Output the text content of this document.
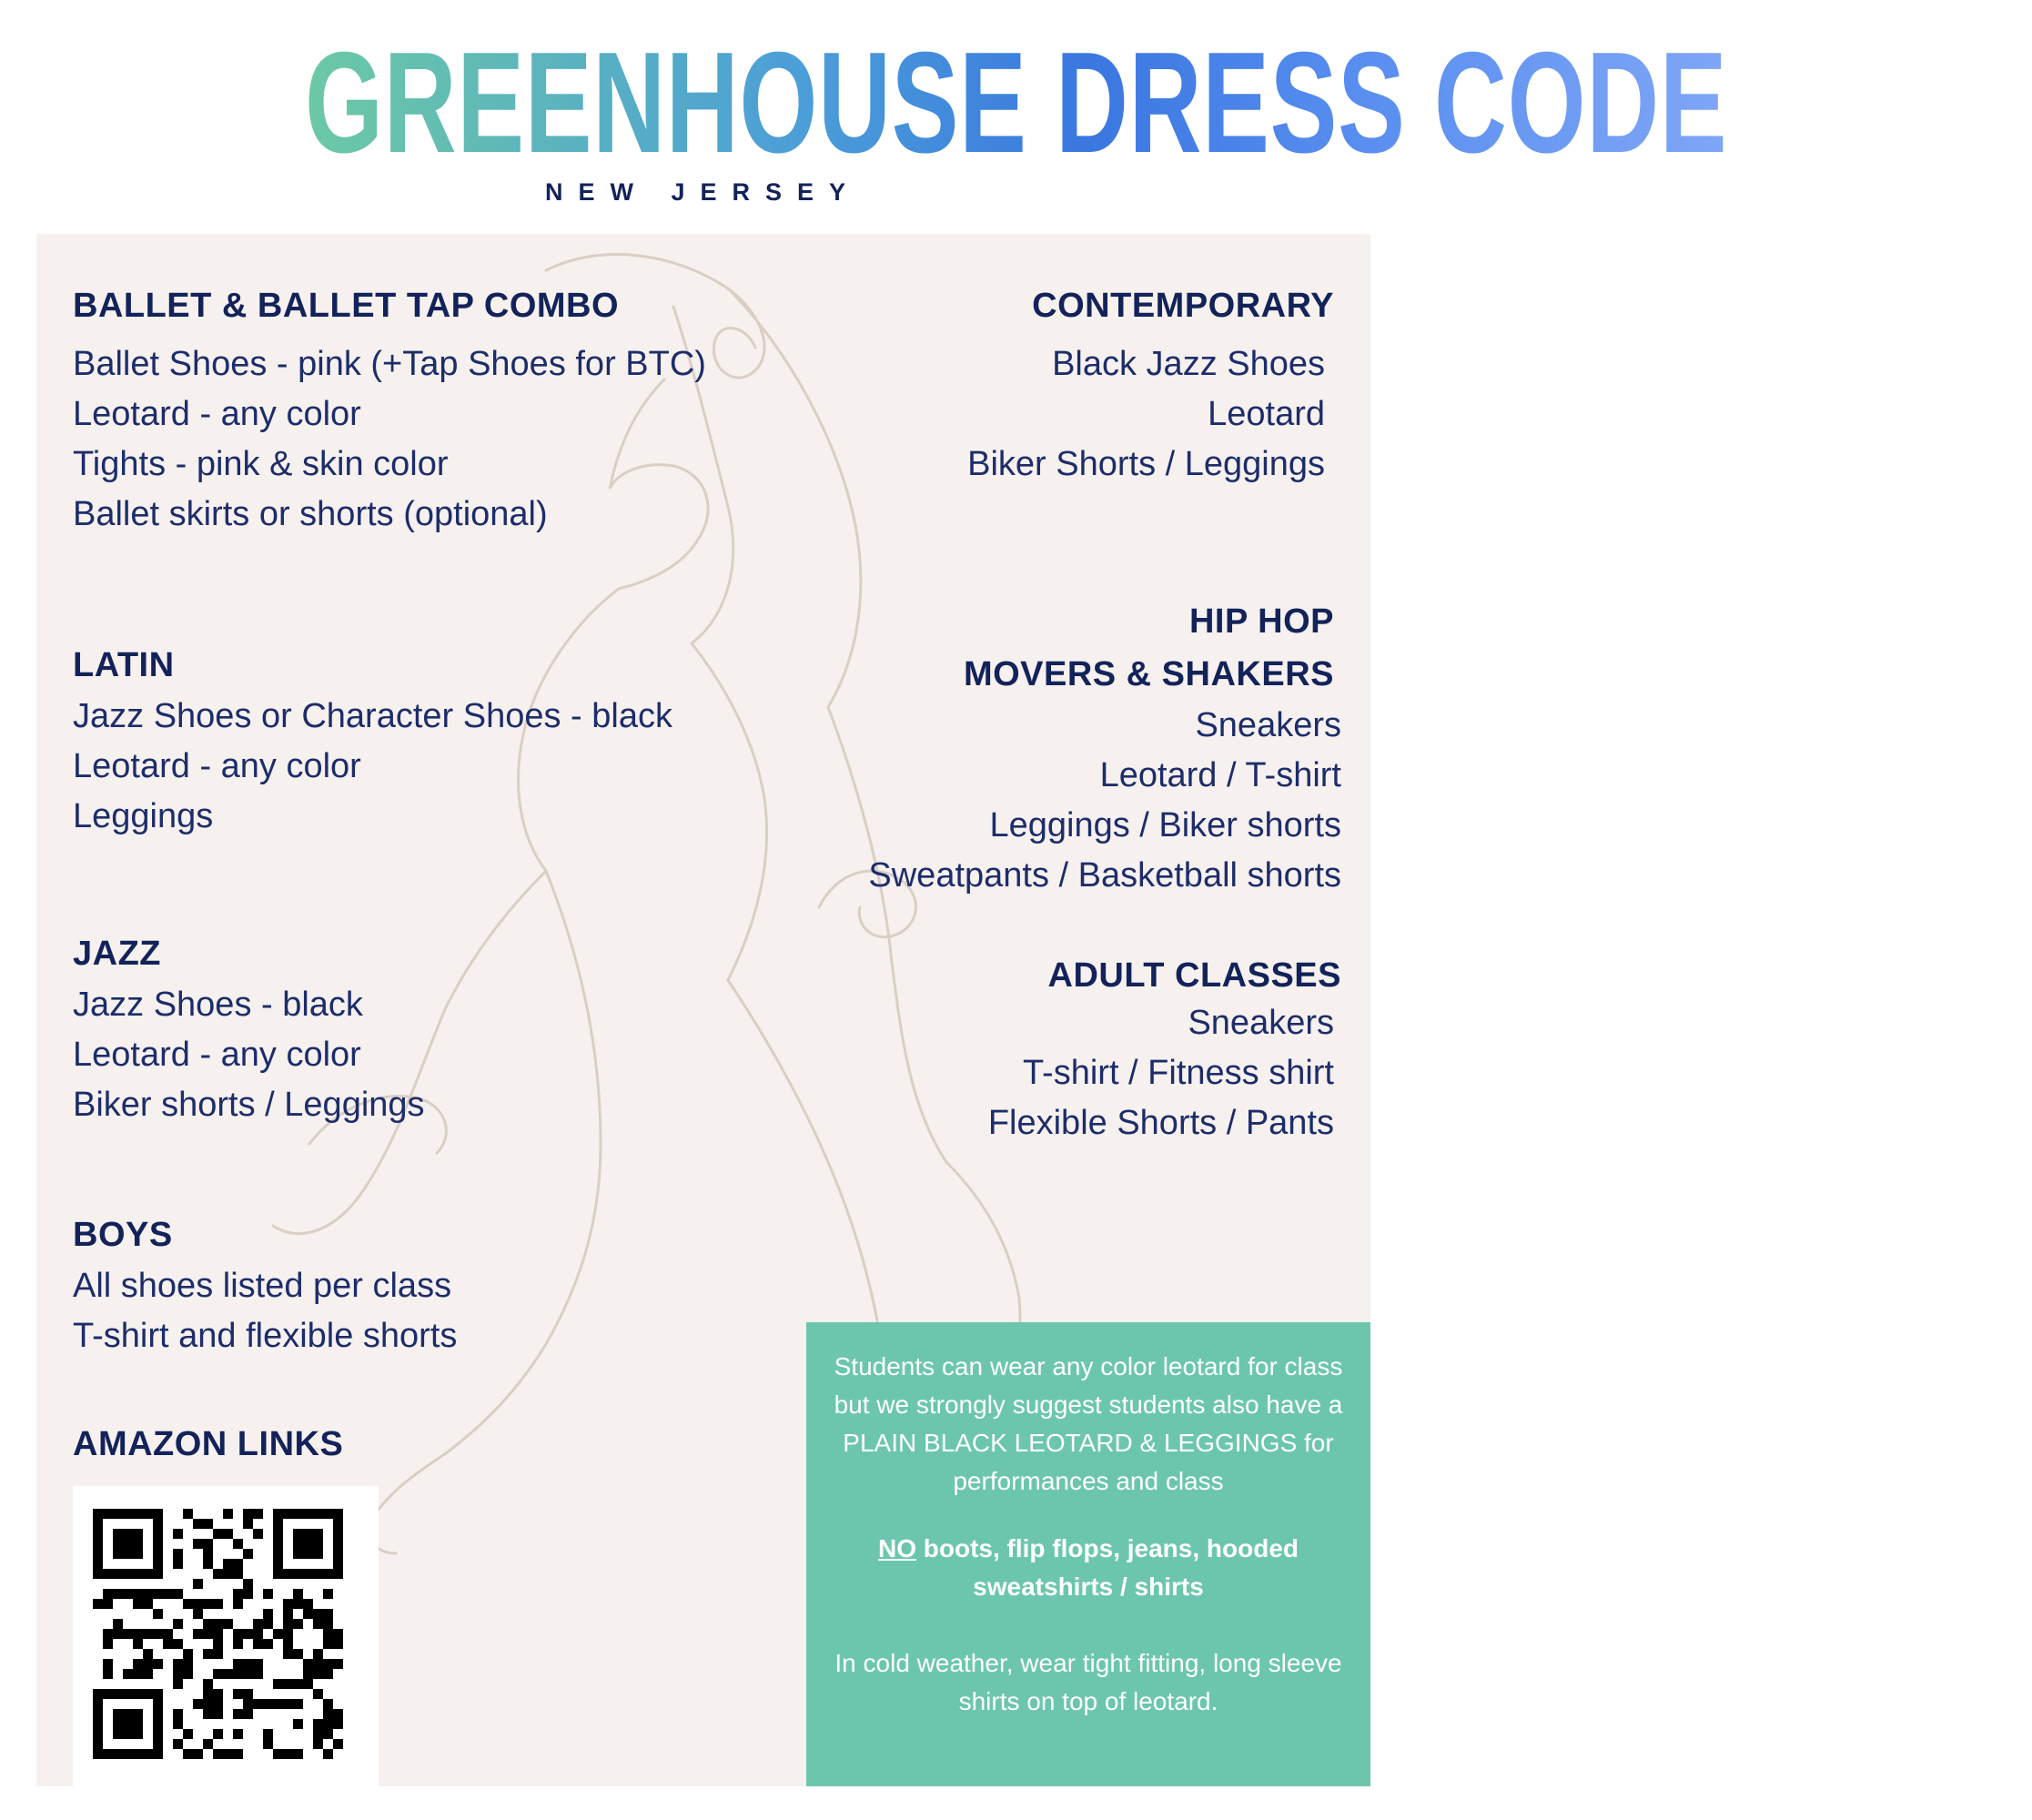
GREENHOUSE DRESS CODE
NEW JERSEY
BALLET & BALLET TAP COMBO
Ballet Shoes - pink (+Tap Shoes for BTC)
Leotard - any color
Tights - pink & skin color
Ballet skirts or shorts (optional)
CONTEMPORARY
Black Jazz Shoes
Leotard
Biker Shorts / Leggings
LATIN
Jazz Shoes or Character Shoes - black
Leotard - any color
Leggings
HIP HOP
MOVERS & SHAKERS
Sneakers
Leotard / T-shirt
Leggings / Biker shorts
Sweatpants / Basketball shorts
JAZZ
Jazz Shoes - black
Leotard - any color
Biker shorts / Leggings
ADULT CLASSES
Sneakers
T-shirt / Fitness shirt
Flexible Shorts / Pants
BOYS
All shoes listed per class
T-shirt and flexible shorts
AMAZON LINKS

Students can wear any color leotard for class but we strongly suggest students also have a PLAIN BLACK LEOTARD & LEGGINGS for performances and class

NO boots, flip flops, jeans, hooded sweatshirts / shirts

In cold weather, wear tight fitting, long sleeve shirts on top of leotard.
